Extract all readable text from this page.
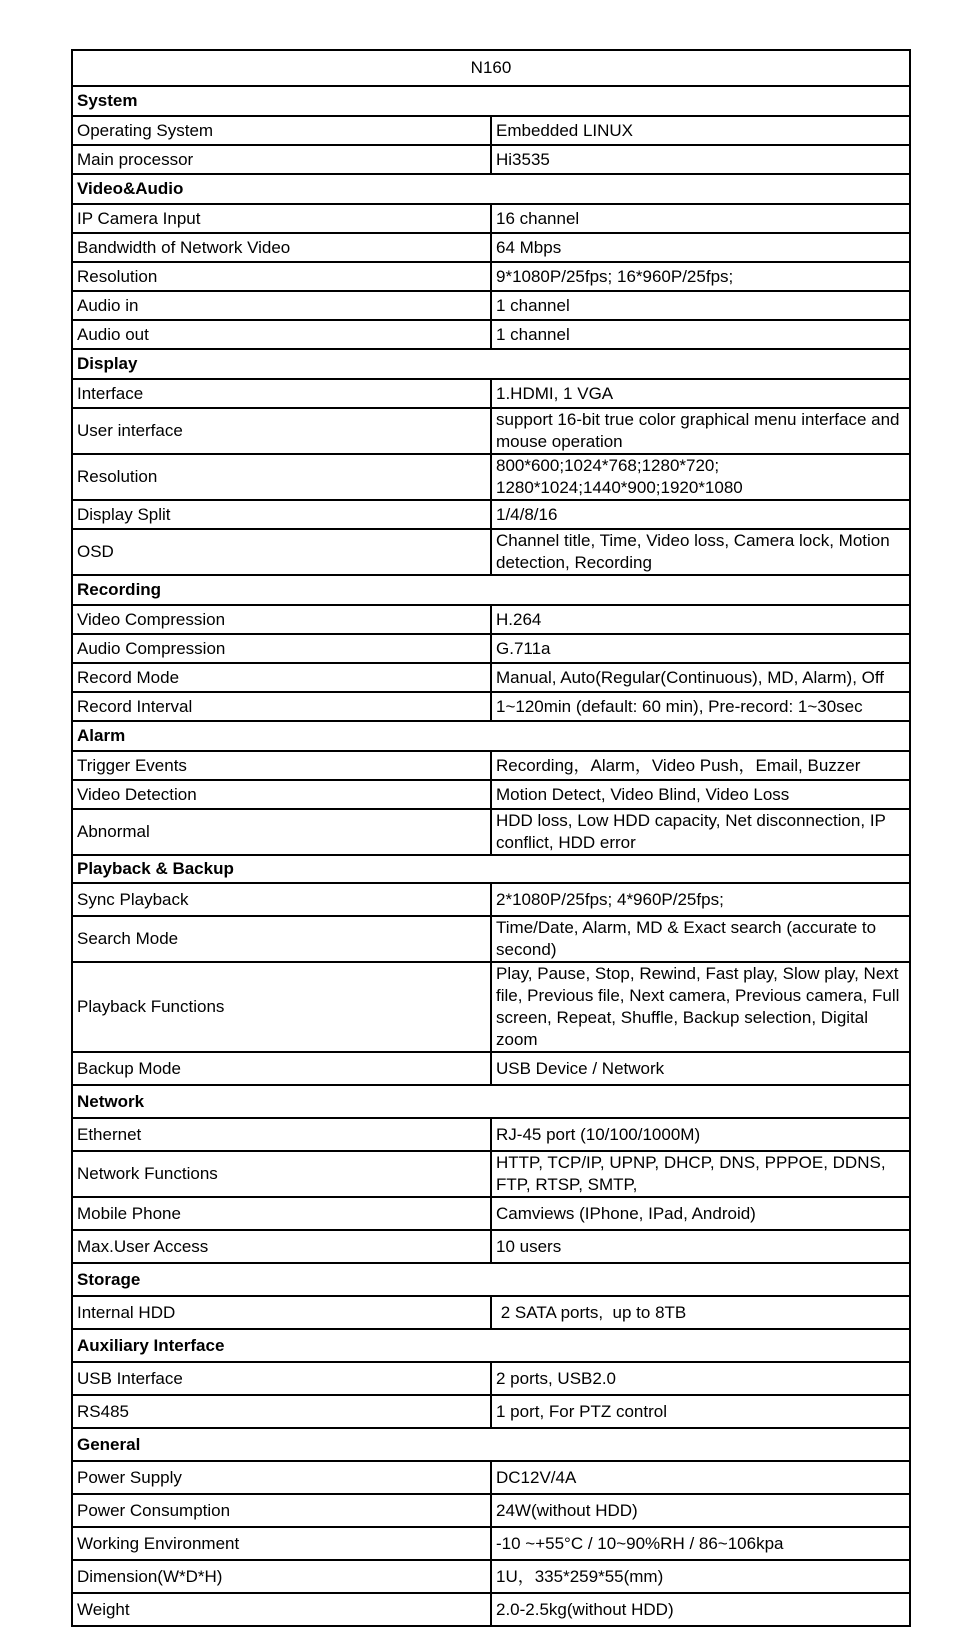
N160	
System	
Operating System	Embedded LINUX
Main processor	Hi3535
Video&Audio	
IP Camera Input	16 channel
Bandwidth of Network Video	64 Mbps
Resolution	9*1080P/25fps; 16*960P/25fps;
Audio in	1 channel
Audio out	1 channel
Display	
Interface	1.HDMI, 1 VGA
User interface	support 16-bit true color graphical menu interface and mouse operation
Resolution	800*600;1024*768;1280*720; 1280*1024;1440*900;1920*1080
Display Split	1/4/8/16
OSD	Channel title, Time, Video loss, Camera lock, Motion detection, Recording
Recording	
Video Compression	H.264
Audio Compression	G.711a
Record Mode	Manual, Auto(Regular(Continuous), MD, Alarm), Off
Record Interval	1~120min (default: 60 min), Pre-record: 1~30sec
Alarm	
Trigger Events	Recording，Alarm，Video Push，Email, Buzzer
Video Detection	Motion Detect, Video Blind, Video Loss
Abnormal	HDD loss, Low HDD capacity, Net disconnection, IP conflict, HDD error
Playback & Backup	
Sync Playback	2*1080P/25fps; 4*960P/25fps;
Search Mode	Time/Date, Alarm, MD & Exact search (accurate to second)
Playback Functions	Play, Pause, Stop, Rewind, Fast play, Slow play, Next file, Previous file, Next camera, Previous camera, Full screen, Repeat, Shuffle, Backup selection, Digital zoom
Backup Mode	USB Device / Network
Network	
Ethernet	RJ-45 port (10/100/1000M)
Network Functions	HTTP, TCP/IP, UPNP, DHCP, DNS, PPPOE, DDNS, FTP, RTSP, SMTP,
Mobile Phone	Camviews (IPhone, IPad, Android)
Max.User Access	10 users
Storage	
Internal HDD	2 SATA ports,  up to 8TB
Auxiliary Interface	
USB Interface	2 ports, USB2.0
RS485	1 port, For PTZ control
General	
Power Supply	DC12V/4A
Power Consumption	24W(without HDD)
Working Environment	-10 ~+55°C / 10~90%RH / 86~106kpa
Dimension(W*D*H)	1U，335*259*55(mm)
Weight	2.0-2.5kg(without HDD)
